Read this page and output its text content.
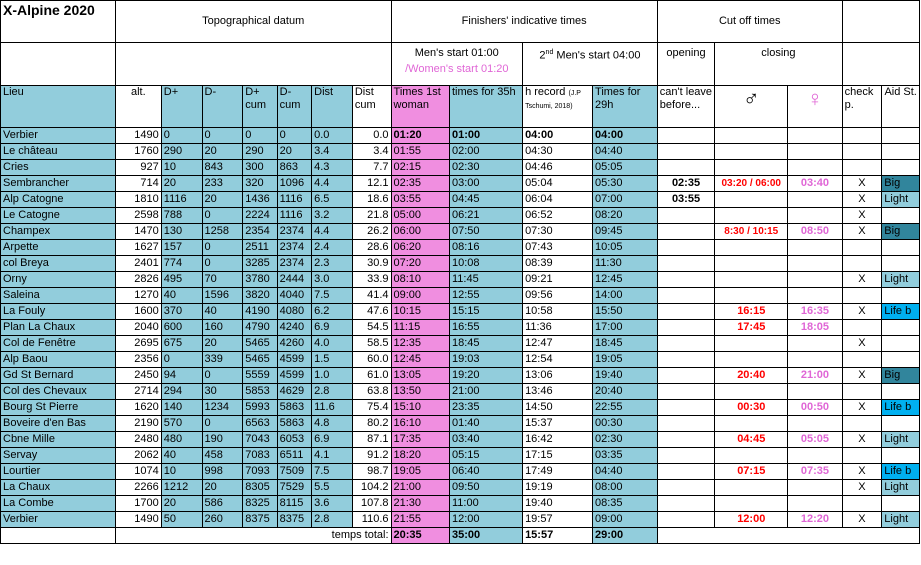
X-Alpine 2020	Topographical datum							Finishers' indicative times				Cut off times				

								Men's start 01:00
/Women's start 01:20		2nd Men's start 04:00		opening	closing			
Lieu	alt.	D+	D-	D+ cum	D- cum	Dist	Dist cum	Times 1st woman	times for 35h	h record (J.P Tschumi, 2018)	Times for 29h	can't leave before...	♂	♀	check p.	Aid St.
Verbier	1490	0	0	0	0	0.0	0.0	01:20	01:00	04:00	04:00					
Le château	1760	290	20	290	20	3.4	3.4	01:55	02:00	04:30	04:40					
Cries	927	10	843	300	863	4.3	7.7	02:15	02:30	04:46	05:05					
Sembrancher	714	20	233	320	1096	4.4	12.1	02:35	03:00	05:04	05:30	02:35	03:20 / 06:00	03:40	X	Big
Alp Catogne	1810	1116	20	1436	1116	6.5	18.6	03:55	04:45	06:04	07:00	03:55			X	Light
Le Catogne	2598	788	0	2224	1116	3.2	21.8	05:00	06:21	06:52	08:20				X	
Champex	1470	130	1258	2354	2374	4.4	26.2	06:00	07:50	07:30	09:45		8:30 / 10:15	08:50	X	Big
Arpette	1627	157	0	2511	2374	2.4	28.6	06:20	08:16	07:43	10:05					
col Breya	2401	774	0	3285	2374	2.3	30.9	07:20	10:08	08:39	11:30					
Orny	2826	495	70	3780	2444	3.0	33.9	08:10	11:45	09:21	12:45				X	Light
Saleina	1270	40	1596	3820	4040	7.5	41.4	09:00	12:55	09:56	14:00					
La Fouly	1600	370	40	4190	4080	6.2	47.6	10:15	15:15	10:58	15:50		16:15	16:35	X	Life b
Plan La Chaux	2040	600	160	4790	4240	6.9	54.5	11:15	16:55	11:36	17:00		17:45	18:05		
Col de Fenêtre	2695	675	20	5465	4260	4.0	58.5	12:35	18:45	12:47	18:45				X	
Alp Baou	2356	0	339	5465	4599	1.5	60.0	12:45	19:03	12:54	19:05					
Gd St Bernard	2450	94	0	5559	4599	1.0	61.0	13:05	19:20	13:06	19:40		20:40	21:00	X	Big
Col des Chevaux	2714	294	30	5853	4629	2.8	63.8	13:50	21:00	13:46	20:40					
Bourg St Pierre	1620	140	1234	5993	5863	11.6	75.4	15:10	23:35	14:50	22:55		00:30	00:50	X	Life b
Boveire d'en Bas	2190	570	0	6563	5863	4.8	80.2	16:10	01:40	15:37	00:30					
Cbne Mille	2480	480	190	7043	6053	6.9	87.1	17:35	03:40	16:42	02:30		04:45	05:05	X	Light
Servay	2062	40	458	7083	6511	4.1	91.2	18:20	05:15	17:15	03:35					
Lourtier	1074	10	998	7093	7509	7.5	98.7	19:05	06:40	17:49	04:40		07:15	07:35	X	Life b
La Chaux	2266	1212	20	8305	7529	5.5	104.2	21:00	09:50	19:19	08:00				X	Light
La Combe	1700	20	586	8325	8115	3.6	107.8	21:30	11:00	19:40	08:35					
Verbier	1490	50	260	8375	8375	2.8	110.6	21:55	12:00	19:57	09:00		12:00	12:20	X	Light
	temps total:							20:35	35:00	15:57	29:00					
